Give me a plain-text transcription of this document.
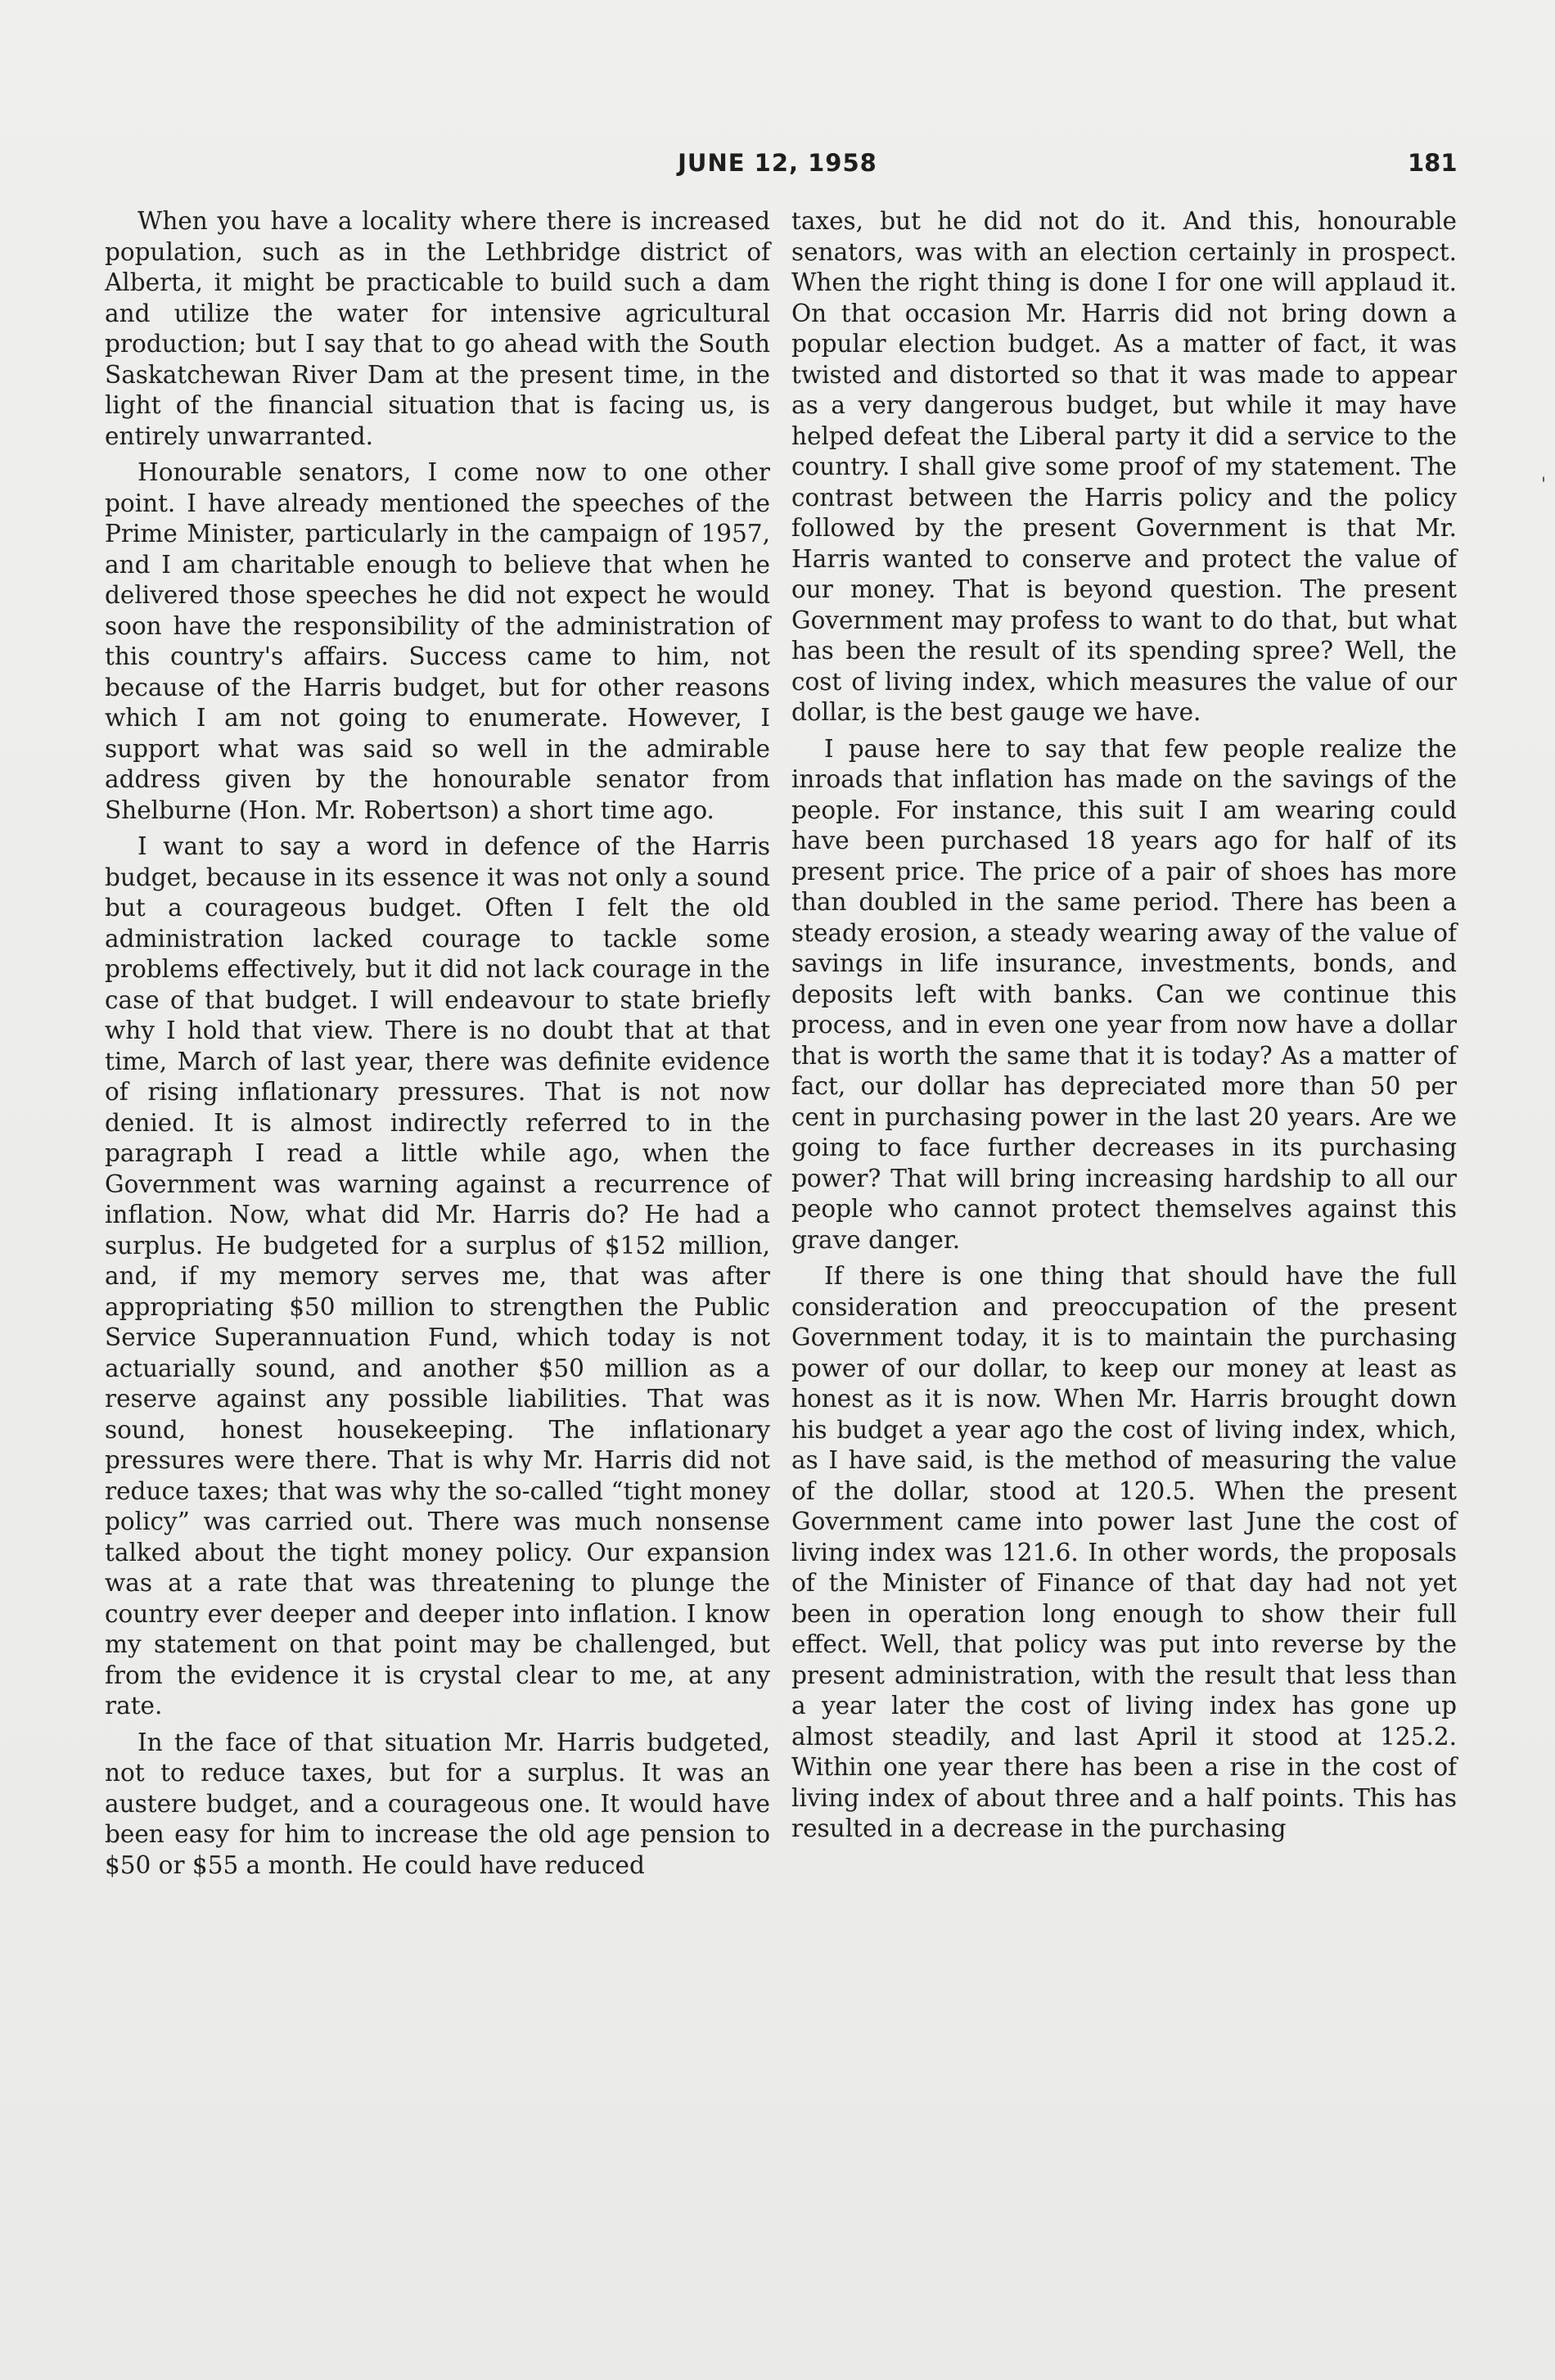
JUNE 12, 1958	181

When you have a locality where there is increased population, such as in the Lethbridge district of Alberta, it might be practicable to build such a dam and utilize the water for intensive agricultural production; but I say that to go ahead with the South Saskatchewan River Dam at the present time, in the light of the financial situation that is facing us, is entirely unwarranted.

Honourable senators, I come now to one other point. I have already mentioned the speeches of the Prime Minister, particularly in the campaign of 1957, and I am charitable enough to believe that when he delivered those speeches he did not expect he would soon have the responsibility of the administration of this country's affairs. Success came to him, not because of the Harris budget, but for other reasons which I am not going to enumerate. However, I support what was said so well in the admirable address given by the honourable senator from Shelburne (Hon. Mr. Robertson) a short time ago.

I want to say a word in defence of the Harris budget, because in its essence it was not only a sound but a courageous budget. Often I felt the old administration lacked courage to tackle some problems effectively, but it did not lack courage in the case of that budget. I will endeavour to state briefly why I hold that view. There is no doubt that at that time, March of last year, there was definite evidence of rising inflationary pressures. That is not now denied. It is almost indirectly referred to in the paragraph I read a little while ago, when the Government was warning against a recurrence of inflation. Now, what did Mr. Harris do? He had a surplus. He budgeted for a surplus of $152 million, and, if my memory serves me, that was after appropriating $50 million to strengthen the Public Service Superannuation Fund, which today is not actuarially sound, and another $50 million as a reserve against any possible liabilities. That was sound, honest housekeeping. The inflationary pressures were there. That is why Mr. Harris did not reduce taxes; that was why the so-called “tight money policy” was carried out. There was much nonsense talked about the tight money policy. Our expansion was at a rate that was threatening to plunge the country ever deeper and deeper into inflation. I know my statement on that point may be challenged, but from the evidence it is crystal clear to me, at any rate.

In the face of that situation Mr. Harris budgeted, not to reduce taxes, but for a surplus. It was an austere budget, and a courageous one. It would have been easy for him to increase the old age pension to $50 or $55 a month. He could have reduced

taxes, but he did not do it. And this, honourable senators, was with an election certainly in prospect. When the right thing is done I for one will applaud it. On that occasion Mr. Harris did not bring down a popular election budget. As a matter of fact, it was twisted and distorted so that it was made to appear as a very dangerous budget, but while it may have helped defeat the Liberal party it did a service to the country. I shall give some proof of my statement. The contrast between the Harris policy and the policy followed by the present Government is that Mr. Harris wanted to conserve and protect the value of our money. That is beyond question. The present Government may profess to want to do that, but what has been the result of its spending spree? Well, the cost of living index, which measures the value of our dollar, is the best gauge we have.

I pause here to say that few people realize the inroads that inflation has made on the savings of the people. For instance, this suit I am wearing could have been purchased 18 years ago for half of its present price. The price of a pair of shoes has more than doubled in the same period. There has been a steady erosion, a steady wearing away of the value of savings in life insurance, investments, bonds, and deposits left with banks. Can we continue this process, and in even one year from now have a dollar that is worth the same that it is today? As a matter of fact, our dollar has depreciated more than 50 per cent in purchasing power in the last 20 years. Are we going to face further decreases in its purchasing power? That will bring increasing hardship to all our people who cannot protect themselves against this grave danger.

If there is one thing that should have the full consideration and preoccupation of the present Government today, it is to maintain the purchasing power of our dollar, to keep our money at least as honest as it is now. When Mr. Harris brought down his budget a year ago the cost of living index, which, as I have said, is the method of measuring the value of the dollar, stood at 120.5. When the present Government came into power last June the cost of living index was 121.6. In other words, the proposals of the Minister of Finance of that day had not yet been in operation long enough to show their full effect. Well, that policy was put into reverse by the present administration, with the result that less than a year later the cost of living index has gone up almost steadily, and last April it stood at 125.2. Within one year there has been a rise in the cost of living index of about three and a half points. This has resulted in a decrease in the purchasing

'
